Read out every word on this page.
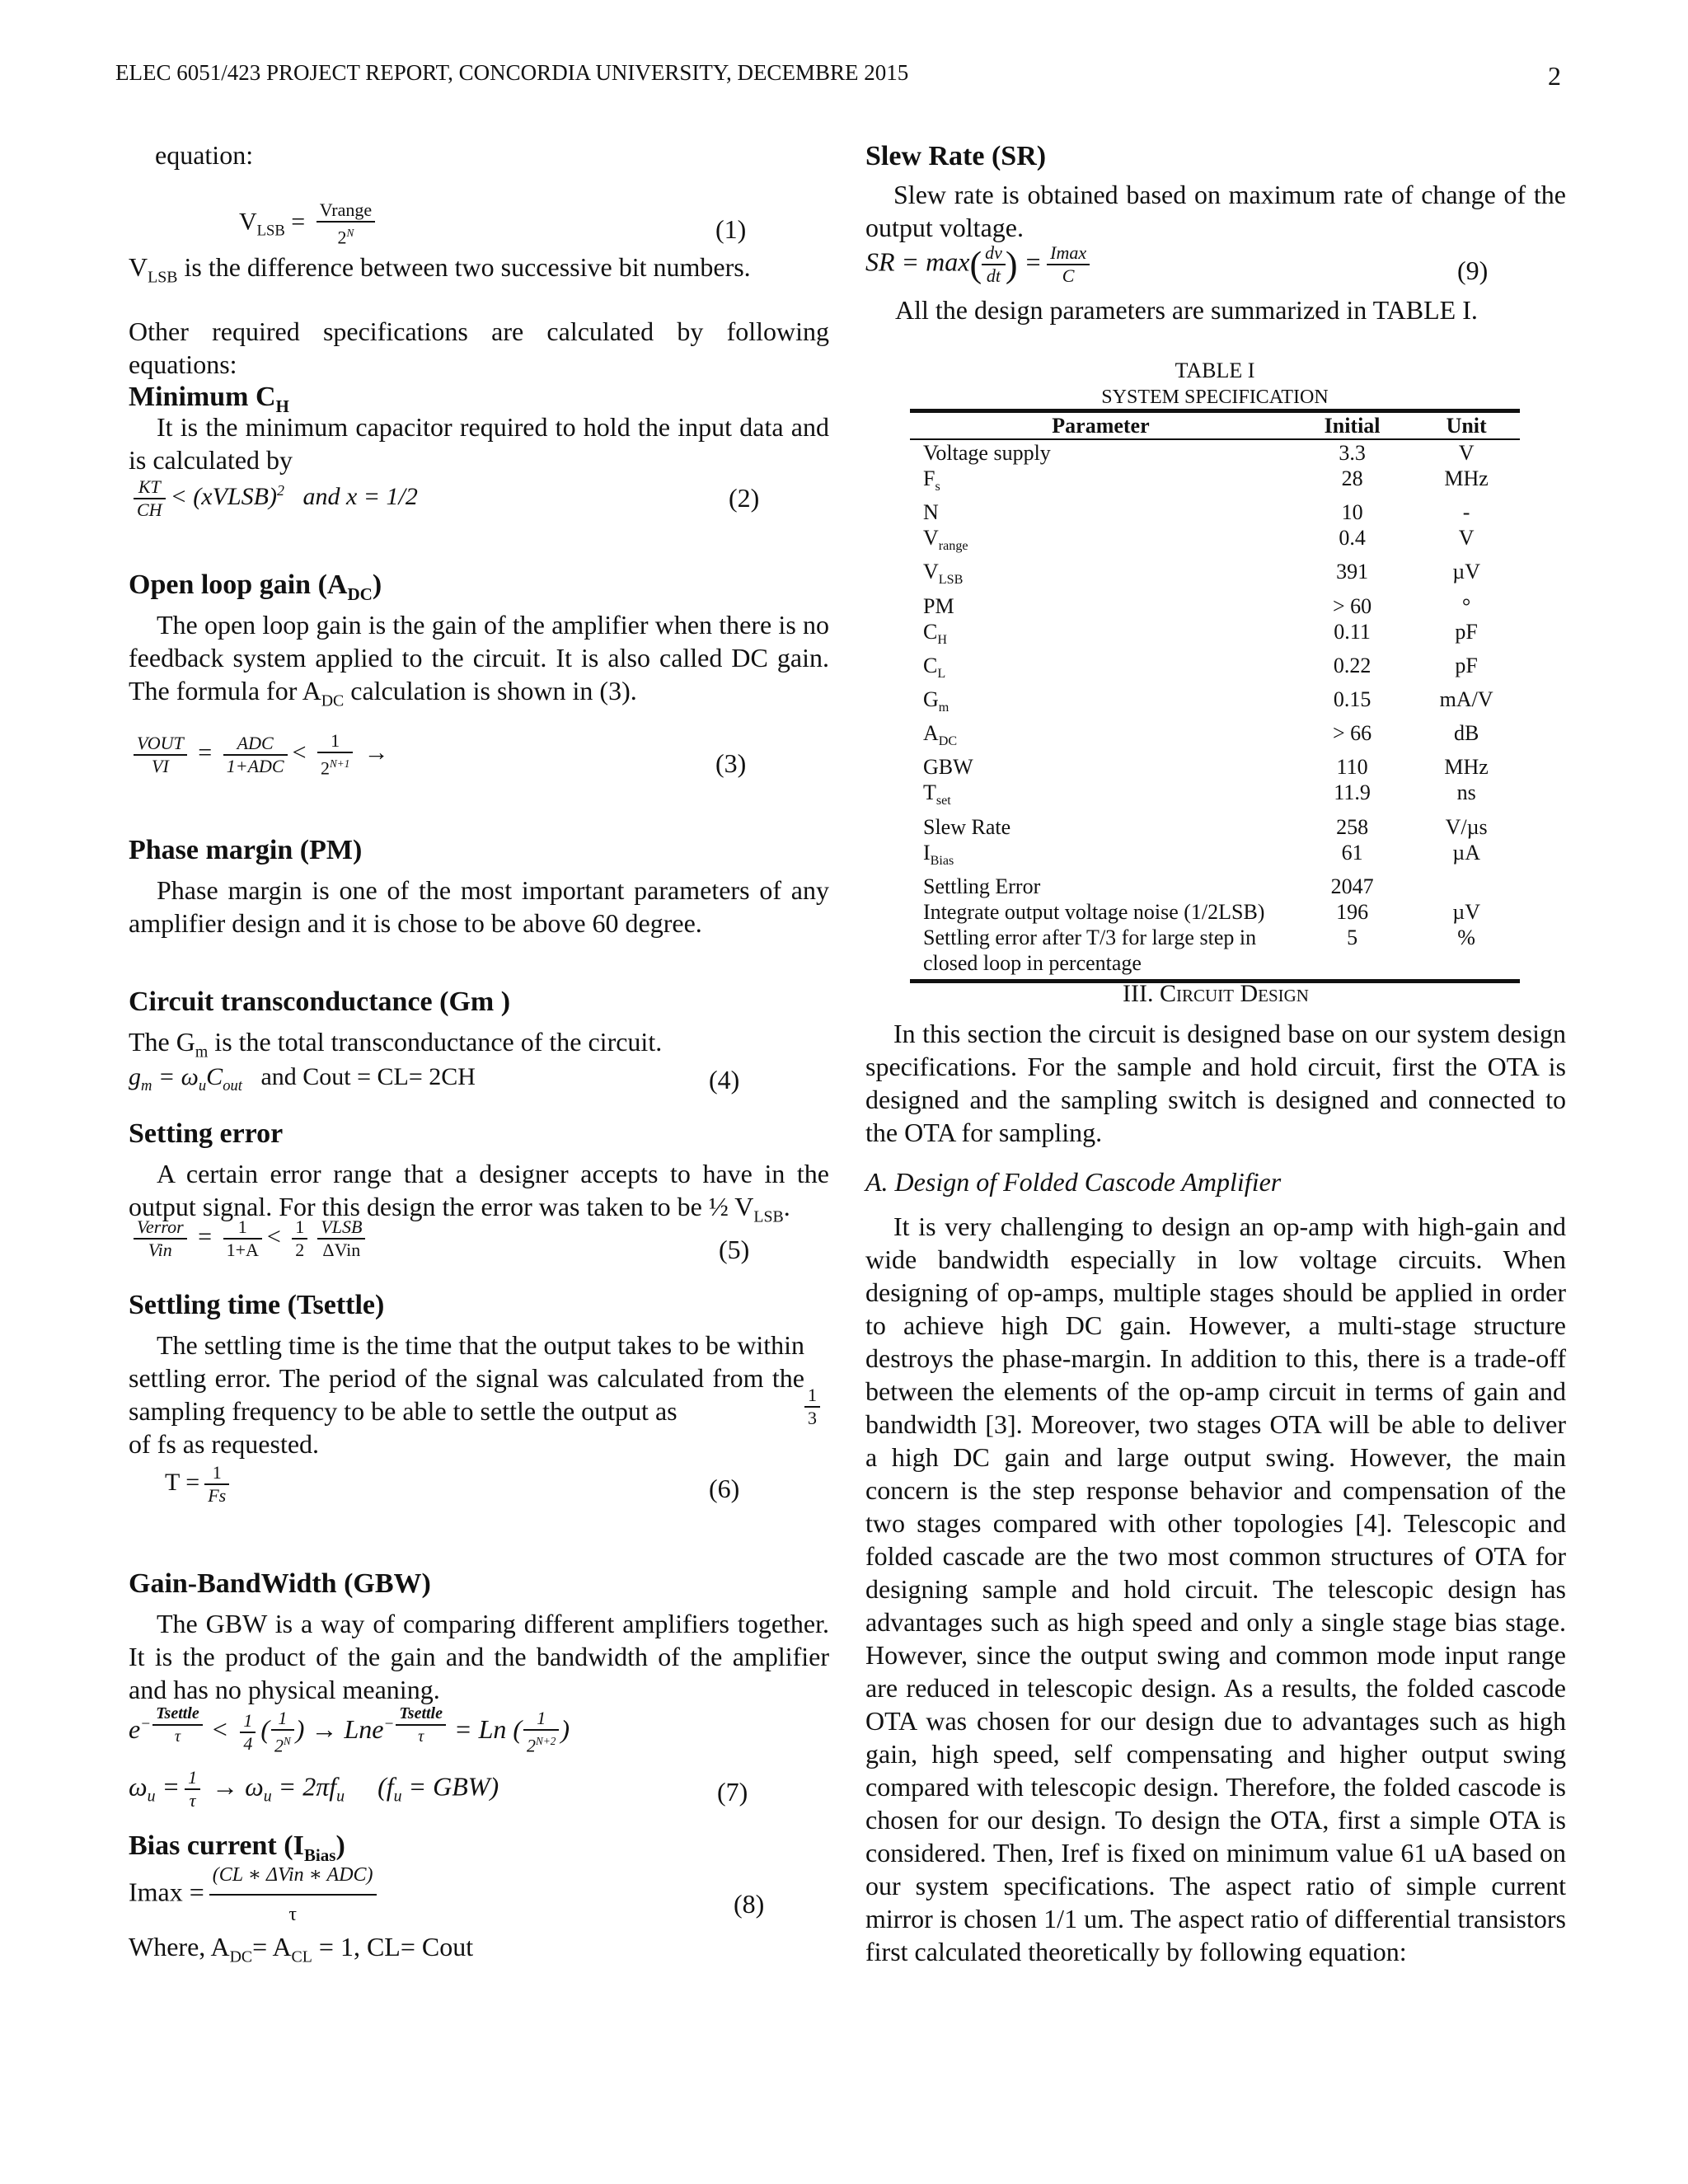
ELEC 6051/423 PROJECT REPORT, CONCORDIA UNIVERSITY, DECEMBRE 2015	2
equation:
$V_{LSB} = \frac{\text{Vrange}}{2^N}$	(1)
$V_{LSB}$ is the difference between two successive bit numbers.
Other required specifications are calculated by following equations:
Minimum $C_H$
It is the minimum capacitor required to hold the input data and is calculated by
$\frac{KT}{CH}$ < (xVLSB)$^2$ and x = 1/2	(2)
Open loop gain $(A_{DC})$
The open loop gain is the gain of the amplifier when there is no feedback system applied to the circuit. It is also called DC gain. The formula for $A_{DC}$ calculation is shown in (3).
$\frac{\text{VOUT}}{VI} = \frac{\text{ADC}}{\text{1+ADC}} < \frac{1}{2^{N+1}}$ →	(3)
Phase margin (PM)
Phase margin is one of the most important parameters of any amplifier design and it is chose to be above 60 degree.
Circuit transconductance (Gm )
The $G_m$ is the total transconductance of the circuit.
$g_m = \omega_uC_{out}$ and Cout = CL= 2CH	(4)
Setting error
A certain error range that a designer accepts to have in the output signal. For this design the error was taken to be ½ $V_{LSB}$.
$\frac{\text{Verror}}{\text{Vin}} = \frac{1}{1+A} < \frac{1}{2} \frac{\text{VLSB}}{\text{ΔVin}}$	(5)
Settling time (Tsettle)
The settling time is the time that the output takes to be within settling error. The period of the signal was calculated from the sampling frequency to be able to settle the output as	$\frac{1}{3}$
of fs as requested.
$T = \frac{1}{Fs}$	(6)
Gain-BandWidth (GBW)
The GBW is a way of comparing different amplifiers together. It is the product of the gain and the bandwidth of the amplifier and has no physical meaning.
$e^{- \frac{\text{Tsettle}}{\tau}} < \frac{1}{4}$ ( $\frac{1}{2^N}$ ) → Lne$^{- \frac{\text{Tsettle}}{\tau}}$ = Ln ( $\frac{1}{2^{N+2}}$ )
$\omega_u = \frac{1}{\tau} \to \omega_u = 2\pi f_u$ $(f_u = GBW)$	(7)
Bias current $(I_{Bias})$
$Imax = \frac{\text{(CL ∗ ΔVin ∗ ADC)}}{\tau}$	(8)
Where, $A_{DC}= A_{CL} = 1$, CL= Cout
Slew Rate (SR)
Slew rate is obtained based on maximum rate of change of the output voltage.
SR = $\max( \frac{dv}{dt}$ ) = $\frac{Imax}{C}$	(9)
All the design parameters are summarized in TABLE I.
TABLE I
SYSTEM SPECIFICATION
Parameter	Initial	Unit
Voltage supply	3.3	V
$F_s$	28	MHz
N	10	-
$V_{range}$	0.4	V
$V_{LSB}$	391	µV
PM	> 60	°
$C_H$	0.11	pF
$C_L$	0.22	pF
$G_m$	0.15	mA/V
$A_{DC}$	> 66	dB
GBW	110	MHz
$T_{set}$	11.9	ns
Slew Rate	258	V/µs
$I_{Bias}$	61	µA
Settling Error	2047	
Integrate output voltage noise (1/2LSB)	196	µV
Settling error after T/3 for large step in closed loop in percentage	5	%
III. Circuit Design
In this section the circuit is designed base on our system design specifications. For the sample and hold circuit, first the OTA is designed and the sampling switch is designed and connected to the OTA for sampling.
A. Design of Folded Cascode Amplifier
It is very challenging to design an op-amp with high-gain and wide bandwidth especially in low voltage circuits. When designing of op-amps, multiple stages should be applied in order to achieve high DC gain. However, a multi-stage structure destroys the phase-margin. In addition to this, there is a trade-off between the elements of the op-amp circuit in terms of gain and bandwidth [3]. Moreover, two stages OTA will be able to deliver a high DC gain and large output swing. However, the main concern is the step response behavior and compensation of the two stages compared with other topologies [4]. Telescopic and folded cascade are the two most common structures of OTA for designing sample and hold circuit. The telescopic design has advantages such as high speed and only a single stage bias stage. However, since the output swing and common mode input range are reduced in telescopic design. As a results, the folded cascode OTA was chosen for our design due to advantages such as high gain, high speed, self compensating and higher output swing compared with telescopic design. Therefore, the folded cascode is chosen for our design. To design the OTA, first a simple OTA is considered. Then, Iref is fixed on minimum value 61 uA based on our system specifications. The aspect ratio of simple current mirror is chosen 1/1 um. The aspect ratio of differential transistors first calculated theoretically by following equation:
